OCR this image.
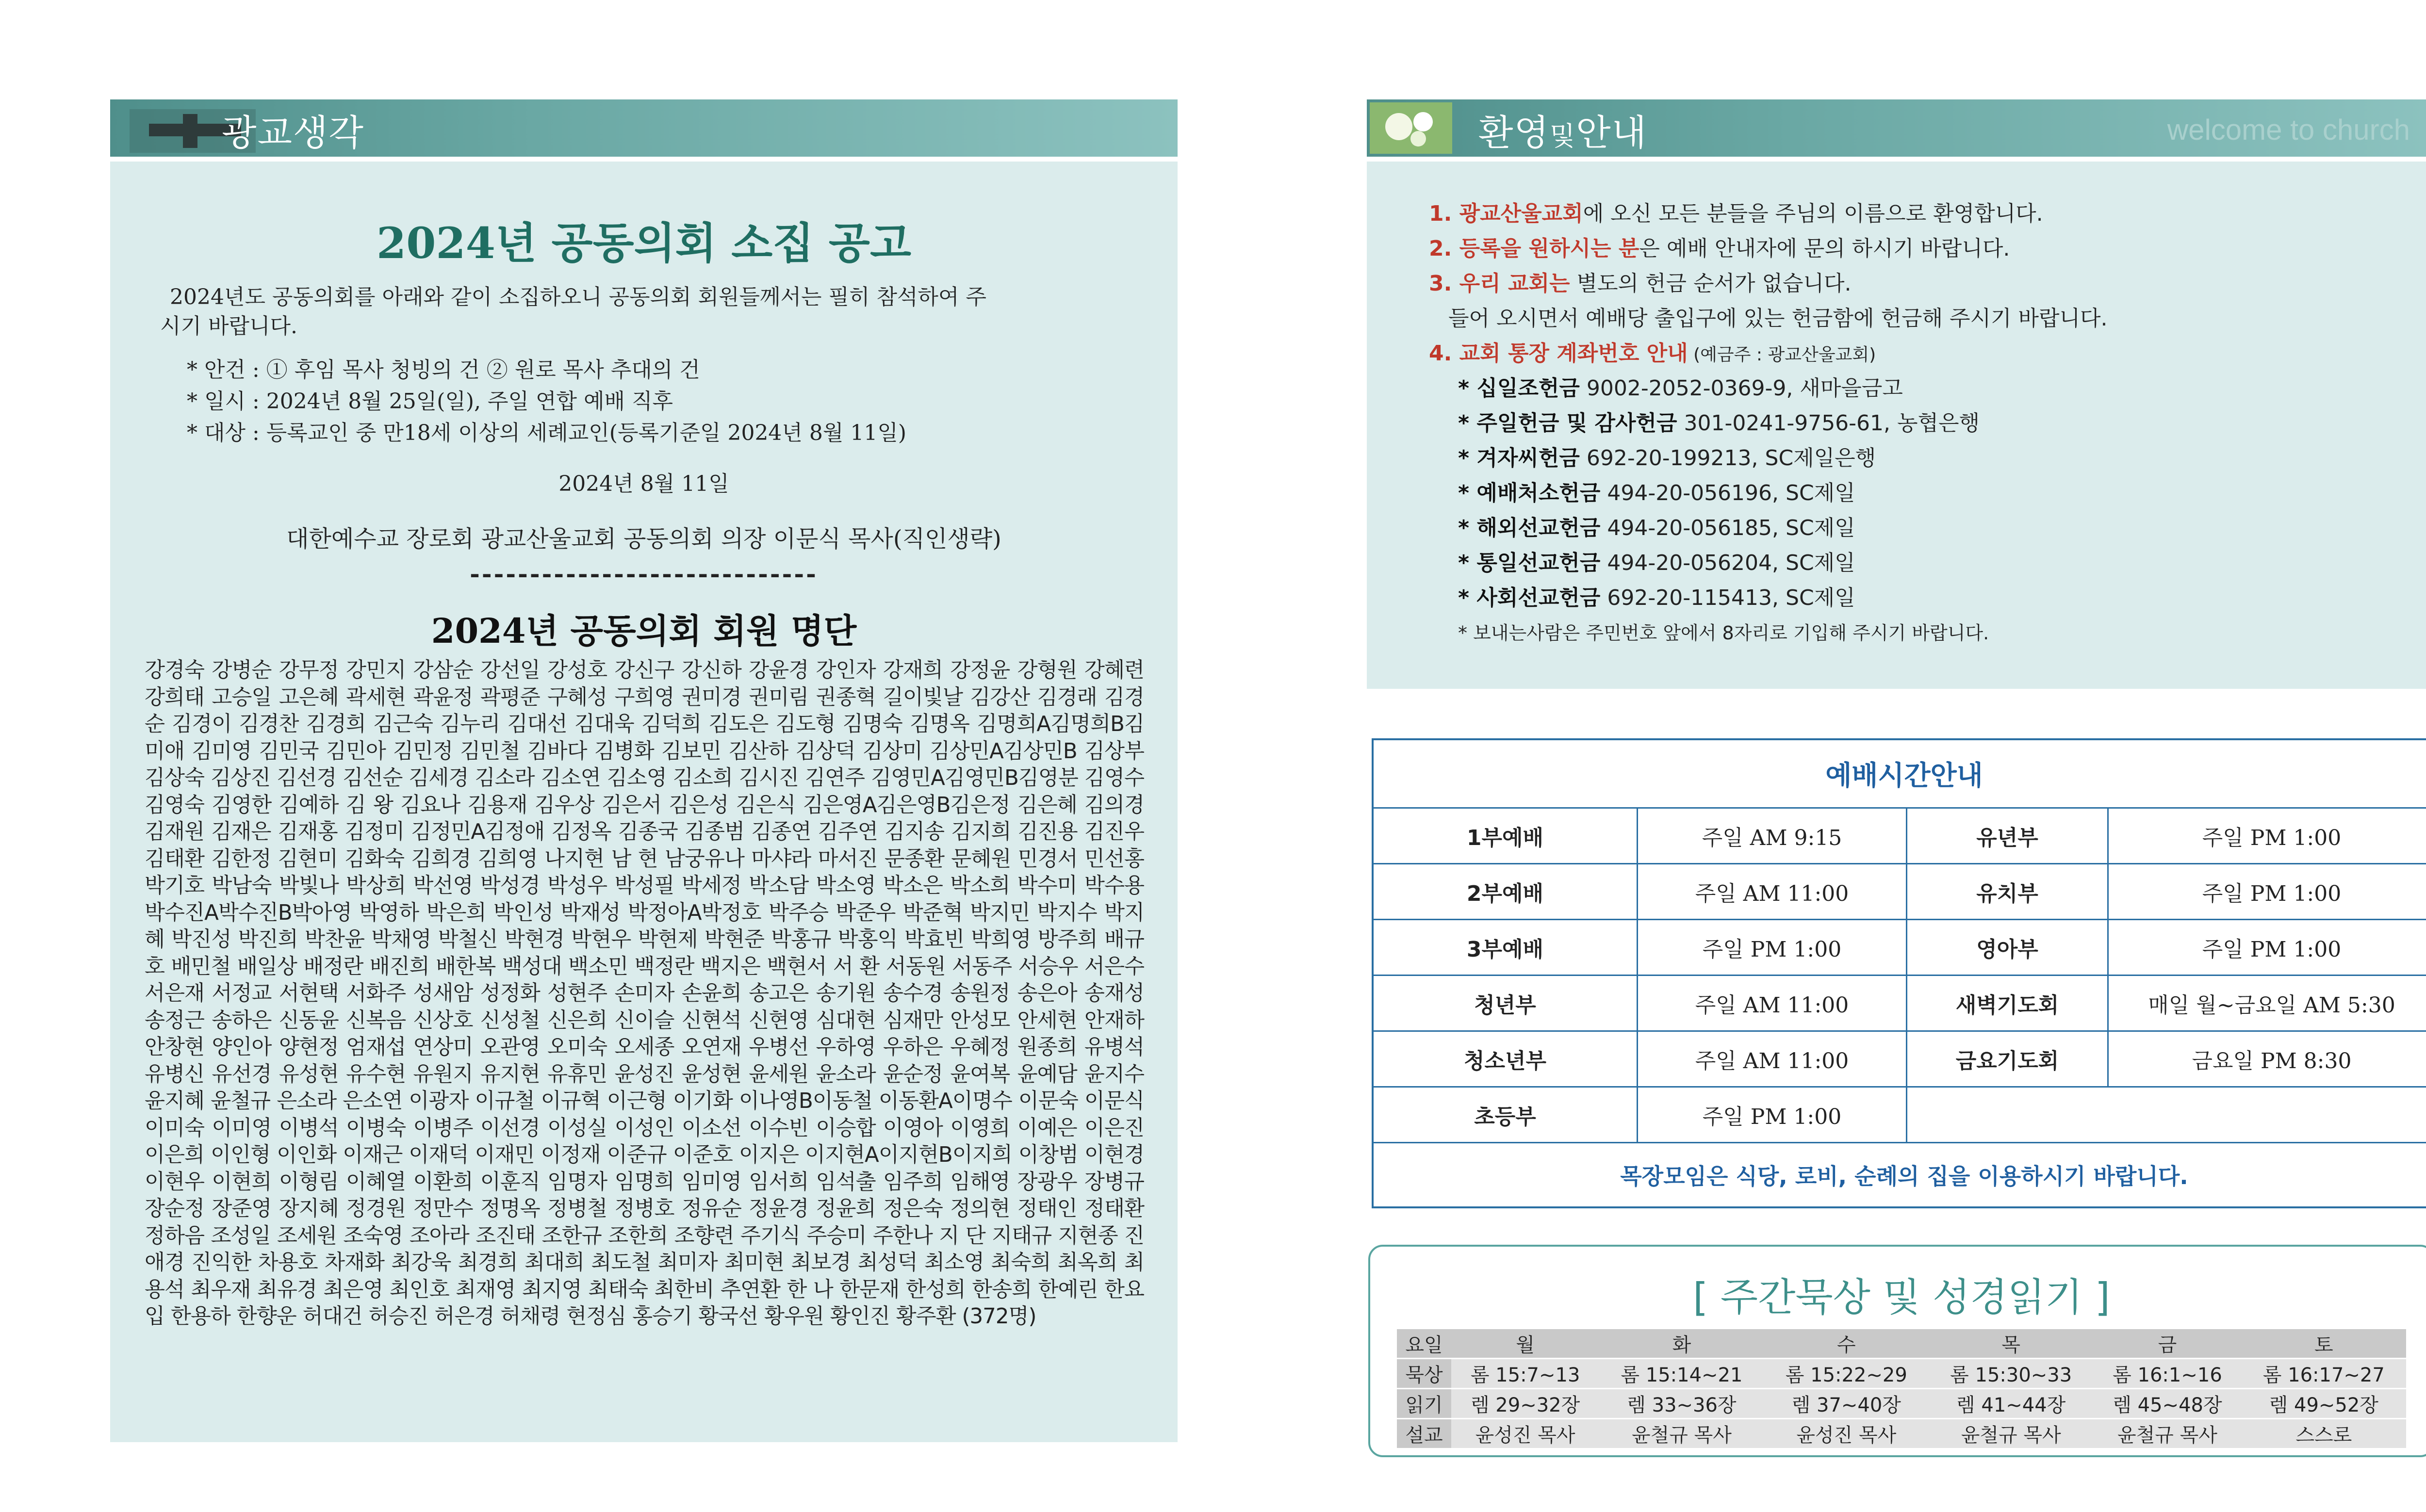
광교생각	환영및안내	welcome to church
2024년 공동의회 소집 공고
2024년도 공동의회를 아래와 같이 소집하오니 공동의회 회원들께서는 필히 참석하여 주
시기 바랍니다.
* 안건 : ① 후임 목사 청빙의 건 ② 원로 목사 추대의 건
* 일시 : 2024년 8월 25일(일), 주일 연합 예배 직후
* 대상 : 등록교인 중 만18세 이상의 세례교인(등록기준일 2024년 8월 11일)
2024년 8월 11일
대한예수교 장로회 광교산울교회 공동의회 의장 이문식 목사(직인생략)
-----------------------------
2024년 공동의회 회원 명단
강경숙 강병순 강무정 강민지 강삼순 강선일 강성호 강신구 강신하 강윤경 강인자 강재희 강정윤 강형원 강혜련 강희태 고승일 고은혜 곽세현 곽윤정 곽평준 구혜성 구희영 권미경 권미림 권종혁 길이빛날 김강산 김경래 김경순 김경이 김경찬 김경희 김근숙 김누리 김대선 김대욱 김덕희 김도은 김도형 김명숙 김명옥 김명희A김명희B김미애 김미영 김민국 김민아 김민정 김민철 김바다 김병화 김보민 김산하 김상덕 김상미 김상민A김상민B 김상부 김상숙 김상진 김선경 김선순 김세경 김소라 김소연 김소영 김소희 김시진 김연주 김영민A김영민B김영분 김영수 김영숙 김영한 김예하 김 왕 김요나 김용재 김우상 김은서 김은성 김은식 김은영A김은영B김은정 김은혜 김의경 김재원 김재은 김재홍 김정미 김정민A김정애 김정옥 김종국 김종범 김종연 김주연 김지송 김지희 김진용 김진우 김태환 김한정 김현미 김화숙 김희경 김희영 나지현 남 현 남궁유나 마샤라 마서진 문종환 문혜원 민경서 민선홍 박기호 박남숙 박빛나 박상희 박선영 박성경 박성우 박성필 박세정 박소담 박소영 박소은 박소희 박수미 박수용 박수진A박수진B박아영 박영하 박은희 박인성 박재성 박정아A박정호 박주승 박준우 박준혁 박지민 박지수 박지혜 박진성 박진희 박찬윤 박채영 박철신 박현경 박현우 박현제 박현준 박홍규 박홍익 박효빈 박희영 방주희 배규호 배민철 배일상 배정란 배진희 배한복 백성대 백소민 백정란 백지은 백현서 서 환 서동원 서동주 서승우 서은수 서은재 서정교 서현택 서화주 성새암 성정화 성현주 손미자 손윤희 송고은 송기원 송수경 송원정 송은아 송재성 송정근 송하은 신동윤 신복음 신상호 신성철 신은희 신이슬 신현석 신현영 심대현 심재만 안성모 안세현 안재하 안창현 양인아 양현정 엄재섭 연상미 오관영 오미숙 오세종 오연재 우병선 우하영 우하은 우혜정 원종희 유병석 유병신 유선경 유성현 유수현 유원지 유지현 유휴민 윤성진 윤성현 윤세원 윤소라 윤순정 윤여복 윤예담 윤지수 윤지혜 윤철규 은소라 은소연 이광자 이규철 이규혁 이근형 이기화 이나영B이동철 이동환A이명수 이문숙 이문식 이미숙 이미영 이병석 이병숙 이병주 이선경 이성실 이성인 이소선 이수빈 이승합 이영아 이영희 이예은 이은진 이은희 이인형 이인화 이재근 이재덕 이재민 이정재 이준규 이준호 이지은 이지현A이지현B이지희 이창범 이현경 이현우 이현희 이형림 이혜열 이환희 이훈직 임명자 임명희 임미영 임서희 임석출 임주희 임해영 장광우 장병규 장순정 장준영 장지혜 정경원 정만수 정명옥 정병철 정병호 정유순 정윤경 정윤희 정은숙 정의현 정태인 정태환 정하음 조성일 조세원 조숙영 조아라 조진태 조한규 조한희 조향련 주기식 주승미 주한나 지 단 지태규 지현종 진애경 진익한 차용호 차재화 최강욱 최경희 최대희 최도철 최미자 최미현 최보경 최성덕 최소영 최숙희 최옥희 최용석 최우재 최유경 최은영 최인호 최재영 최지영 최태숙 최한비 추연환 한 나 한문재 한성희 한송희 한예린 한요입 한용하 한향운 허대건 허승진 허은경 허채령 현정심 홍승기 황국선 황우원 황인진 황주환 (372명)
1. 광교산울교회에 오신 모든 분들을 주님의 이름으로 환영합니다.
2. 등록을 원하시는 분은 예배 안내자에 문의 하시기 바랍니다.
3. 우리 교회는 별도의 헌금 순서가 없습니다.
들어 오시면서 예배당 출입구에 있는 헌금함에 헌금해 주시기 바랍니다.
4. 교회 통장 계좌번호 안내 (예금주 : 광교산울교회)
* 십일조헌금 9002-2052-0369-9, 새마을금고
* 주일헌금 및 감사헌금 301-0241-9756-61, 농협은행
* 겨자씨헌금 692-20-199213, SC제일은행
* 예배처소헌금 494-20-056196, SC제일
* 해외선교헌금 494-20-056185, SC제일
* 통일선교헌금 494-20-056204, SC제일
* 사회선교헌금 692-20-115413, SC제일
* 보내는사람은 주민번호 앞에서 8자리로 기입해 주시기 바랍니다.
예배시간안내			
1부예배	주일 AM 9:15	유년부	주일 PM 1:00
2부예배	주일 AM 11:00	유치부	주일 PM 1:00
3부예배	주일 PM 1:00	영아부	주일 PM 1:00
청년부	주일 AM 11:00	새벽기도회	매일 월~금요일 AM 5:30
청소년부	주일 AM 11:00	금요기도회	금요일 PM 8:30
초등부	주일 PM 1:00		
목장모임은 식당, 로비, 순례의 집을 이용하시기 바랍니다.			
[ 주간묵상 및 성경읽기 ]
요일	월	화	수	목	금	토
묵상	롬 15:7~13	롬 15:14~21	롬 15:22~29	롬 15:30~33	롬 16:1~16	롬 16:17~27
읽기	렘 29~32장	렘 33~36장	렘 37~40장	렘 41~44장	렘 45~48장	렘 49~52장
설교	윤성진 목사	윤철규 목사	윤성진 목사	윤철규 목사	윤철규 목사	스스로
